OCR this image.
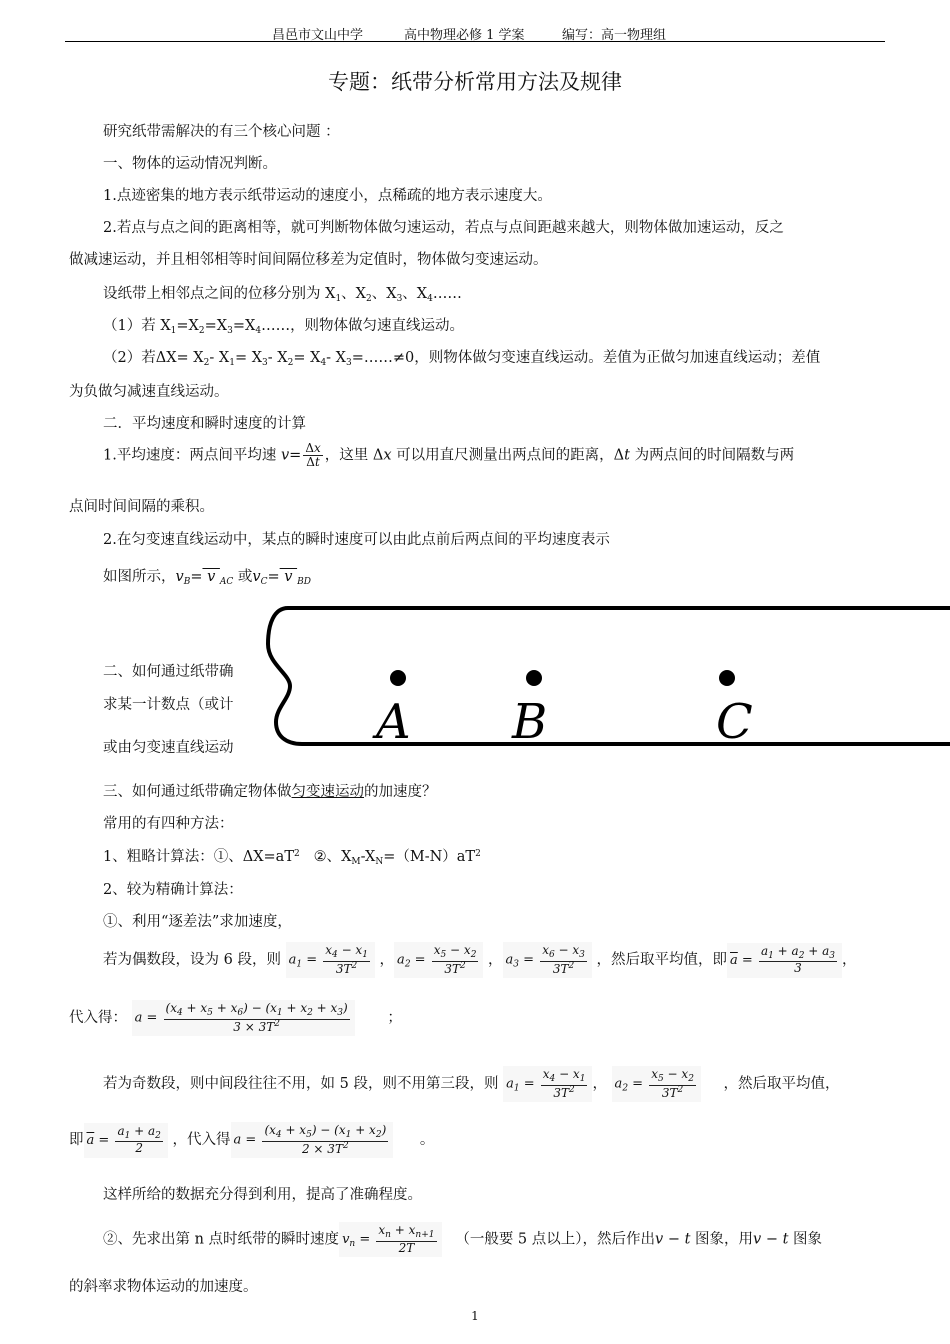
昌邑市文山中学	高中物理必修 1 学案	编写：高一物理组
专题：纸带分析常用方法及规律
研究纸带需解决的有三个核心问题 ：
一、物体的运动情况判断。
1.点迹密集的地方表示纸带运动的速度小，点稀疏的地方表示速度大。
2.若点与点之间的距离相等，就可判断物体做匀速运动，若点与点间距越来越大，则物体做加速运动，反之
做减速运动，并且相邻相等时间间隔位移差为定值时，物体做匀变速运动。
设纸带上相邻点之间的位移分别为 $X_1$、$X_2$、$X_3$、$X_4\dots\dots$
（1）若 $X_1=X_2=X_3=X_4\dots\dots$，则物体做匀速直线运动。
（2）若$\Delta X= X_2-$ $X_1= X_3-$ $X_2= X_4-$ $X_3=\dots\dots\ne 0$，则物体做匀变速直线运动。差值为正做匀加速直线运动；差值
为负做匀减速直线运动。
二．平均速度和瞬时速度的计算
1.平均速度：两点间平均速 $v= \frac{\Delta x}{\Delta t}$ ，这里 Δx 可以用直尺测量出两点间的距离，Δt 为两点间的时间隔数与两
点间时间间隔的乘积。
2.在匀变速直线运动中，某点的瞬时速度可以由此点前后两点间的平均速度表示
如图所示，$v_B= v$ $_{AC}$ 或$v_C= v$ $_{BD}$
二、如何通过纸带确
求某一计数点（或计
或由匀变速直线运动	A B	C
三、如何通过纸带确定物体做匀变速运动的加速度？
常用的有四种方法：
1、粗略计算法：①、$\Delta X=aT^2$ ②、$X_M-X_N=(M-N)aT^2$
2、较为精确计算法：
①、利用“逐差法”求加速度，
若为偶数段，设为 6 段，则 $a_1 = \frac{x_4 - x_1}{3T^2}$ ， $a_2 = \frac{x_5 - x_2}{3T^2}$ ， $a_3 = \frac{x_6 - x_3}{3T^2}$ ，然后取平均值，即 $\overline{a} = \frac{a_1 + a_2 + a_3}{3}$ ，
代入得： $a = \frac{(x_4 + x_5 + x_6) - (x_1 + x_2 + x_3)}{3 \times 3T^2}$	；
若为奇数段，则中间段往往不用，如 5 段，则不用第三段，则 $a_1 = \frac{x_4 - x_1}{3T^2}$ ， $a_2 = \frac{x_5 - x_2}{3T^2}$ ，然后取平均值，
即 $\overline{a} = \frac{a_1 + a_2}{2}$ ，代入得 $a = \frac{(x_4 + x_5) - (x_1 + x_2)}{2 \times 3T^2}$ 。
这样所给的数据充分得到利用，提高了准确程度。
②、先求出第 n 点时纸带的瞬时速度 $v_n = \frac{x_n + x_{n+1}}{2T}$ （一般要 5 点以上），然后作出v − t 图象，用v − t 图象
的斜率求物体运动的加速度。
1
